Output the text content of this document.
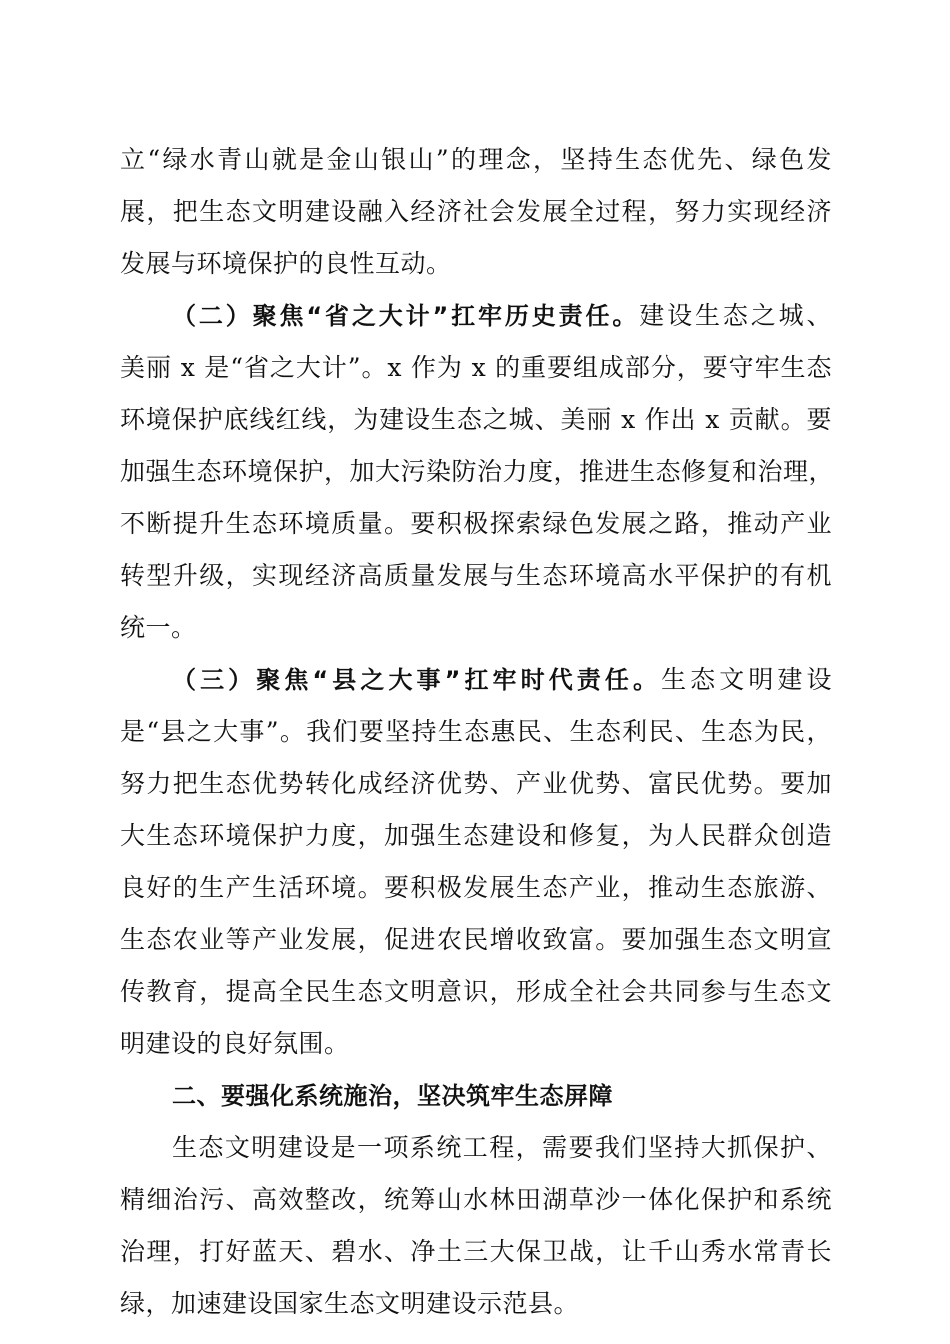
立“绿水青山就是金山银山”的理念，坚持生态优先、绿色发
展，把生态文明建设融入经济社会发展全过程，努力实现经济
发展与环境保护的良性互动。
（二）聚焦“省之大计”扛牢历史责任。建设生态之城、
美丽 x 是“省之大计”。x 作为 x 的重要组成部分，要守牢生态
环境保护底线红线，为建设生态之城、美丽 x 作出 x 贡献。要
加强生态环境保护，加大污染防治力度，推进生态修复和治理，
不断提升生态环境质量。要积极探索绿色发展之路，推动产业
转型升级，实现经济高质量发展与生态环境高水平保护的有机
统一。
（三）聚焦“县之大事”扛牢时代责任。生态文明建设
是“县之大事”。我们要坚持生态惠民、生态利民、生态为民，
努力把生态优势转化成经济优势、产业优势、富民优势。要加
大生态环境保护力度，加强生态建设和修复，为人民群众创造
良好的生产生活环境。要积极发展生态产业，推动生态旅游、
生态农业等产业发展，促进农民增收致富。要加强生态文明宣
传教育，提高全民生态文明意识，形成全社会共同参与生态文
明建设的良好氛围。
二、要强化系统施治，坚决筑牢生态屏障
生态文明建设是一项系统工程，需要我们坚持大抓保护、
精细治污、高效整改，统筹山水林田湖草沙一体化保护和系统
治理，打好蓝天、碧水、净土三大保卫战，让千山秀水常青长
绿，加速建设国家生态文明建设示范县。
